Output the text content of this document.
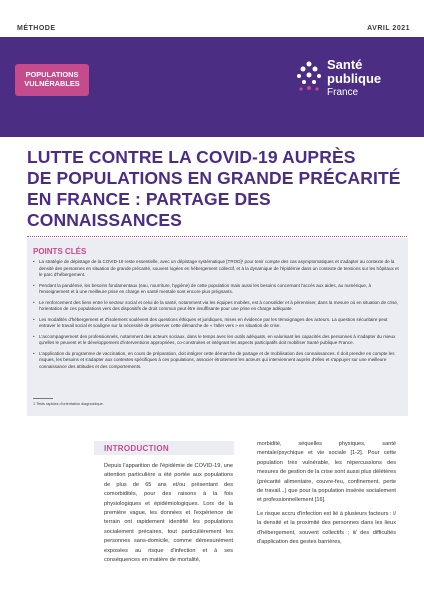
MÉTHODE	AVRIL 2021
POPULATIONS
VULNÉRABLES
Santé
publique
France
LUTTE CONTRE LA COVID-19 AUPRÈS
DE POPULATIONS EN GRANDE PRÉCARITÉ
EN FRANCE : PARTAGE DES CONNAISSANCES
POINTS CLÉS
• La stratégie de dépistage de la COVID-19 reste essentielle, avec un dépistage systématique [TROD]¹ pour tenir compte des cas asymptomatiques et s'adapter au contexte de la densité des personnes en situation de grande précarité, souvent logées en hébergement collectif, et à la dynamique de l'épidémie dans un contexte de tensions sur les hôpitaux et le parc d'hébergement.
• Pendant la pandémie, les besoins fondamentaux (eau, nourriture, hygiène) de cette population mais aussi les besoins concernant l'accès aux aides, au numérique, à l'enseignement et à une meilleure prise en charge en santé mentale sont encore plus prégnants.
• Le renforcement des liens entre le secteur social et celui de la santé, notamment via les équipes mobiles, est à consolider et à pérenniser, dans la mesure où en situation de crise, l'orientation de ces populations vers des dispositifs de droit commun peut être insuffisante pour une prise en charge adéquate.
• Les modalités d'hébergement et d'isolement soulèvent des questions éthiques et juridiques, mises en évidence par les témoignages des acteurs. La question sécuritaire peut entraver le travail social et souligne sur la nécessité de préserver cette démarche de « l'aller vers » en situation de crise.
• L'accompagnement des professionnels, notamment des acteurs sociaux, dans le temps avec les outils adéquats, en valorisant les capacités des personnes à s'adapter du mieux qu'elles le peuvent et le développement d'interventions appropriées, co-construites et intégrant les aspects participatifs doit mobiliser Santé publique France.
• L'application du programme de vaccination, en cours de préparation, doit intégrer cette démarche de partage et de mobilisation des connaissances. Il doit prendre en compte les risques, les besoins et s'adapter aux contextes spécifiques à ces populations, associer étroitement les acteurs qui interviennent auprès d'elles et s'appuyer sur une meilleure connaissance des attitudes et des comportements.
1 Tests rapides d'orientation diagnostique.
INTRODUCTION

Depuis l'apparition de l'épidémie de COVID-19, une attention particulière a été portée aux populations de plus de 65 ans et/ou présentant des comorbidités, pour des raisons à la fois physiologiques et épidémiologiques. Lors de la première vague, les données et l'expérience de terrain ont rapidement identifié les populations socialement précaires, tout particulièrement les personnes sans-domicile, comme démesurément exposées au risque d'infection et à ses conséquences en matière de mortalité,

morbidité, séquelles physiques, santé mentale/psychique et vie sociale [1-2]. Pour cette population très vulnérable, les répercussions des mesures de gestion de la crise sont aussi plus délétères (précarité alimentaire, couvre-feu, confinement, perte de travail...) que pour la population insérée socialement et professionnellement [16].

Le risque accru d'infection est lié à plusieurs facteurs : i/ la densité et la proximité des personnes dans les lieux d'hébergement, souvent collectifs ; ii/ des difficultés d'application des gestes barrières,
